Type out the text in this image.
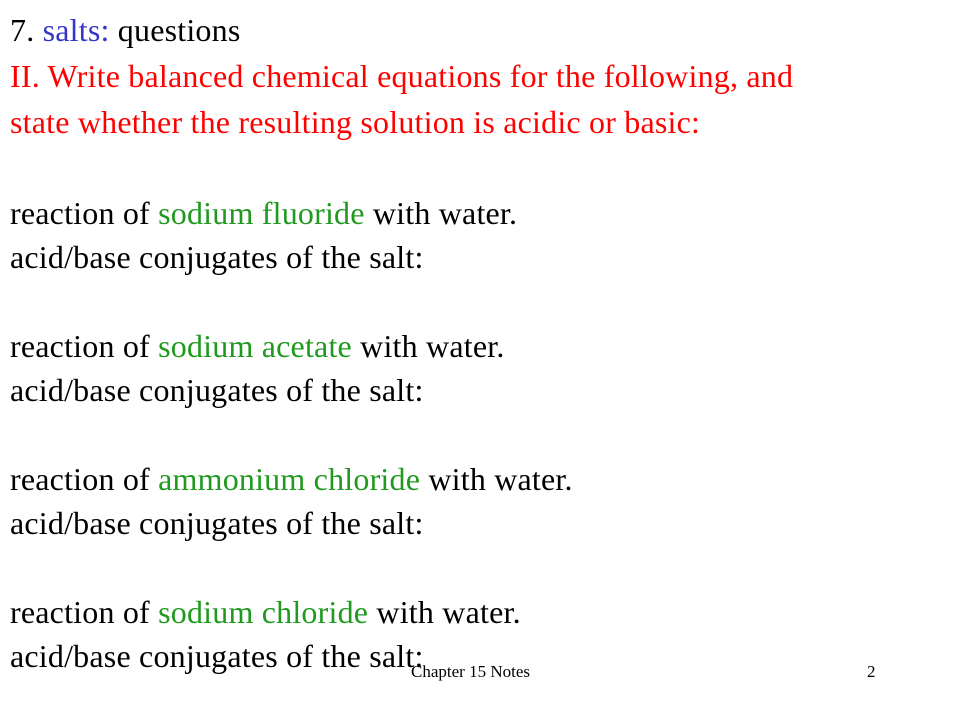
7. salts: questions
II. Write balanced chemical equations for the following, and
state whether the resulting solution is acidic or basic:
reaction of sodium fluoride with water.
acid/base conjugates of the salt:
reaction of sodium acetate with water.
acid/base conjugates of the salt:
reaction of ammonium chloride with water.
acid/base conjugates of the salt:
reaction of sodium chloride with water.
acid/base conjugates of the salt:
Chapter 15 Notes	2
